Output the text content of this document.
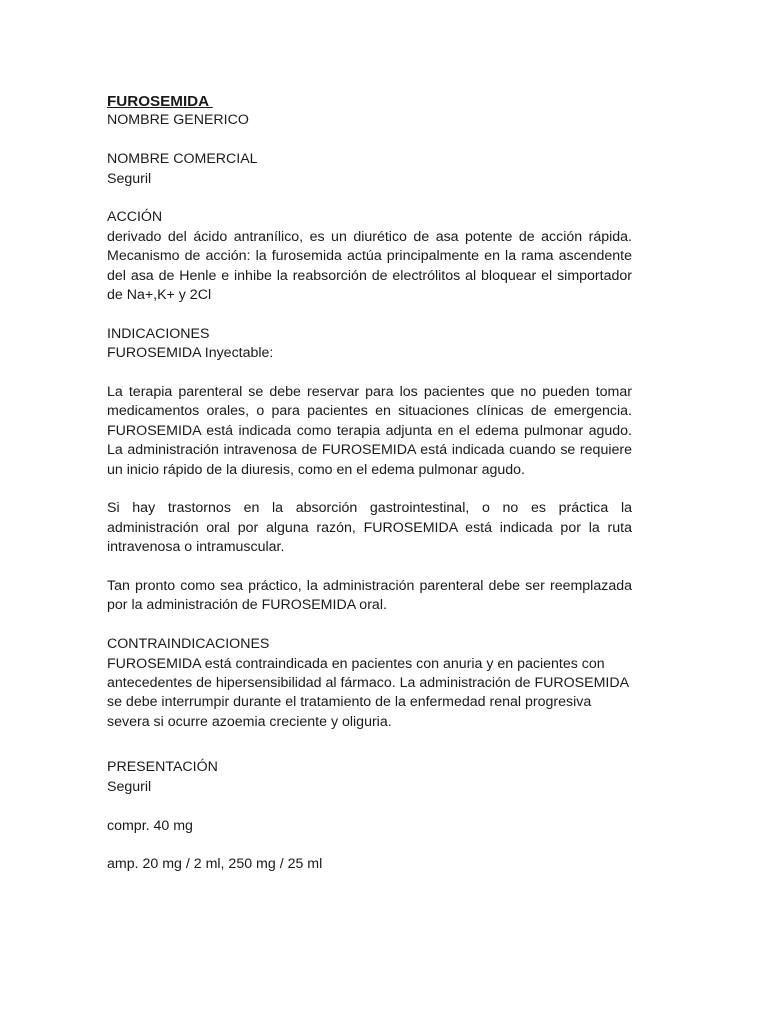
FUROSEMIDA
NOMBRE GENERICO
NOMBRE COMERCIAL
Seguril
ACCIÓN
derivado del ácido antranílico, es un diurético de asa potente de acción rápida.
Mecanismo de acción: la furosemida actúa principalmente en la rama ascendente
del asa de Henle e inhibe la reabsorción de electrólitos al bloquear el simportador
de Na+,K+ y 2Cl
INDICACIONES
FUROSEMIDA Inyectable:
La terapia parenteral se debe reservar para los pacientes que no pueden tomar
medicamentos orales, o para pacientes en situaciones clínicas de emergencia.
FUROSEMIDA está indicada como terapia adjunta en el edema pulmonar agudo.
La administración intravenosa de FUROSEMIDA está indicada cuando se requiere
un inicio rápido de la diuresis, como en el edema pulmonar agudo.
Si hay trastornos en la absorción gastrointestinal, o no es práctica la
administración oral por alguna razón, FUROSEMIDA está indicada por la ruta
intravenosa o intramuscular.
Tan pronto como sea práctico, la administración parenteral debe ser reemplazada
por la administración de FUROSEMIDA oral.
CONTRAINDICACIONES
FUROSEMIDA está contraindicada en pacientes con anuria y en pacientes con
antecedentes de hipersensibilidad al fármaco. La administración de FUROSEMIDA
se debe interrumpir durante el tratamiento de la enfermedad renal progresiva
severa si ocurre azoemia creciente y oliguria.
PRESENTACIÓN
Seguril
compr. 40 mg
amp. 20 mg / 2 ml, 250 mg / 25 ml
